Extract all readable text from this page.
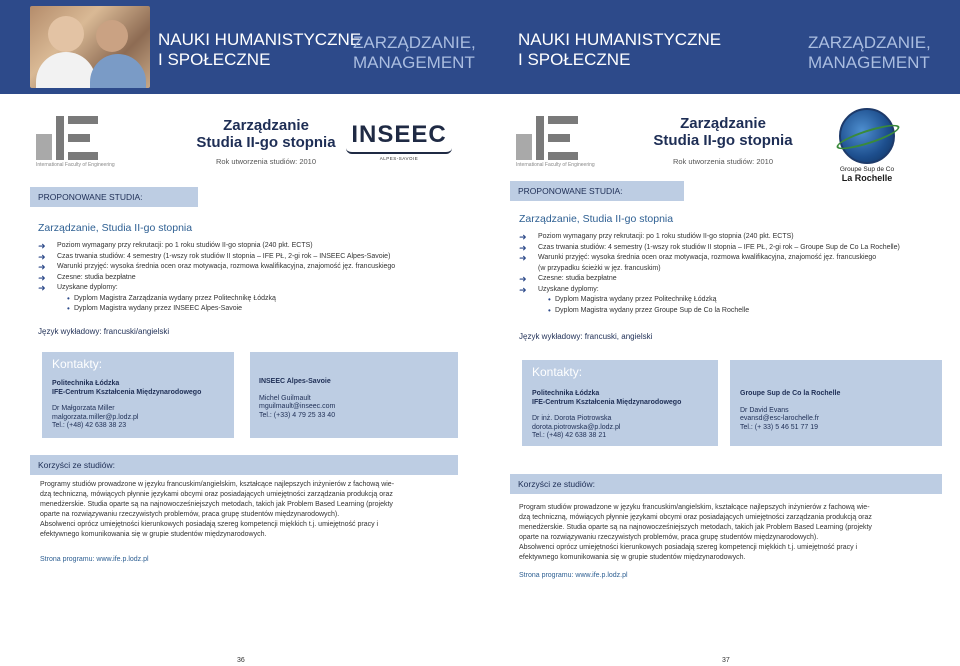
NAUKI HUMANISTYCZNE
I SPOŁECZNE
ZARZĄDZANIE,
MANAGEMENT
International Faculty of Engineering
Zarządzanie
Studia II-go stopnia
Rok utworzenia studiów: 2010
INSEEC
ALPES-SAVOIE
PROPONOWANE STUDIA:
Zarządzanie, Studia II-go stopnia
➜ Poziom wymagany przy rekrutacji: po 1 roku studiów II-go stopnia (240 pkt. ECTS)
➜ Czas trwania studiów: 4 semestry (1-wszy rok studiów II stopnia – IFE PŁ, 2-gi rok – INSEEC Alpes-Savoie)
➜ Warunki przyjęć: wysoka średnia ocen oraz motywacja, rozmowa kwalifikacyjna, znajomość jęz. francuskiego
➜ Czesne: studia bezpłatne
➜ Uzyskane dyplomy:
• Dyplom Magistra Zarządzania wydany przez Politechnikę Łódzką
• Dyplom Magistra wydany przez INSEEC Alpes-Savoie
Język wykładowy: francuski/angielski
Kontakty:
Politechnika Łódzka
IFE-Centrum Kształcenia Międzynarodowego
Dr Małgorzata Miller
malgorzata.miller@p.lodz.pl
Tel.: (+48) 42 638 38 23
INSEEC Alpes-Savoie
Michel Guilmault
mguilmault@inseec.com
Tel.: (+33) 4 79 25 33 40
Korzyści ze studiów:
Programy studiów prowadzone w języku francuskim/angielskim, kształcące najlepszych inżynierów z fachową wie-
dzą techniczną, mówiących płynnie językami obcymi oraz posiadających umiejętności zarządzania produkcją oraz
menedżerskie. Studia oparte są na najnowocześniejszych metodach, takich jak Problem Based Learning (projekty
oparte na rozwiązywaniu rzeczywistych problemów, praca grupę studentów międzynarodowych).
Absolwenci oprócz umiejętności kierunkowych posiadają szereg kompetencji miękkich t.j. umiejętność pracy i
efektywnego komunikowania się w grupie studentów międzynarodowych.
Strona programu: www.ife.p.lodz.pl
36
NAUKI HUMANISTYCZNE
I SPOŁECZNE
ZARZĄDZANIE,
MANAGEMENT
International Faculty of Engineering
Zarządzanie
Studia II-go stopnia
Rok utworzenia studiów: 2010
Groupe Sup de Co
La Rochelle
PROPONOWANE STUDIA:
Zarządzanie, Studia II-go stopnia
➜ Poziom wymagany przy rekrutacji: po 1 roku studiów II-go stopnia (240 pkt. ECTS)
➜ Czas trwania studiów: 4 semestry (1-wszy rok studiów II stopnia – IFE PŁ, 2-gi rok – Groupe Sup de Co La Rochelle)
➜ Warunki przyjęć: wysoka średnia ocen oraz motywacja, rozmowa kwalifikacyjna, znajomość jęz. francuskiego
(w przypadku ścieżki w jęz. francuskim)
➜ Czesne: studia bezpłatne
➜ Uzyskane dyplomy:
• Dyplom Magistra wydany przez Politechnikę Łódzką
• Dyplom Magistra wydany przez Groupe Sup de Co la Rochelle
Język wykładowy: francuski, angielski
Kontakty:
Politechnika Łódzka
IFE-Centrum Kształcenia Międzynarodowego
Dr inż. Dorota Piotrowska
dorota.piotrowska@p.lodz.pl
Tel.: (+48) 42 638 38 21
Groupe Sup de Co la Rochelle
Dr David Evans
evansd@esc-larochelle.fr
Tel.: (+ 33) 5 46 51 77 19
Korzyści ze studiów:
Program studiów prowadzone w języku francuskim/angielskim, kształcące najlepszych inżynierów z fachową wie-
dzą techniczną, mówiących płynnie językami obcymi oraz posiadających umiejętności zarządzania produkcją oraz
menedżerskie. Studia oparte są na najnowocześniejszych metodach, takich jak Problem Based Learning (projekty
oparte na rozwiązywaniu rzeczywistych problemów, praca grupę studentów międzynarodowych).
Absolwenci oprócz umiejętności kierunkowych posiadają szereg kompetencji miękkich t.j. umiejętność pracy i
efektywnego komunikowania się w grupie studentów międzynarodowych.
Strona programu: www.ife.p.lodz.pl
37
